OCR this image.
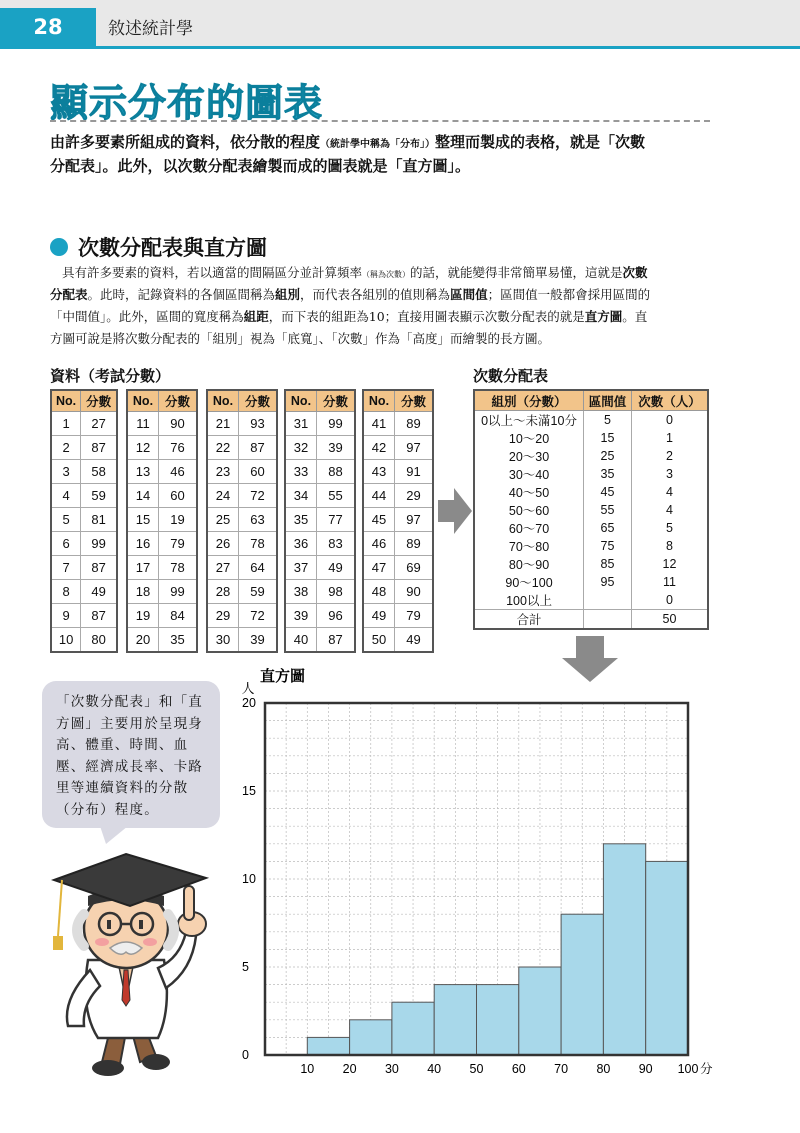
28	敘述統計學
顯示分布的圖表
由許多要素所組成的資料，依分散的程度（統計學中稱為「分布」）整理而製成的表格，就是「次數
分配表」。此外，以次數分配表繪製而成的圖表就是「直方圖」。
次數分配表與直方圖
具有許多要素的資料，若以適當的間隔區分並計算頻率（稱為次數）的話，就能變得非常簡單易懂，這就是次數
分配表。此時，記錄資料的各個區間稱為組別，而代表各組別的值則稱為區間值；區間值一般都會採用區間的
「中間值」。此外，區間的寬度稱為組距，而下表的組距為10；直接用圖表顯示次數分配表的就是直方圖。直
方圖可說是將次數分配表的「組別」視為「底寬」、「次數」作為「高度」而繪製的長方圖。
資料（考試分數）	次數分配表
No.	分數
1	27
2	87
3	58
4	59
5	81
6	99
7	87
8	49
9	87
10	80
No.	分數
11	90
12	76
13	46
14	60
15	19
16	79
17	78
18	99
19	84
20	35
No.	分數
21	93
22	87
23	60
24	72
25	63
26	78
27	64
28	59
29	72
30	39
No.	分數
31	99
32	39
33	88
34	55
35	77
36	83
37	49
38	98
39	96
40	87
No.	分數
41	89
42	97
43	91
44	29
45	97
46	89
47	69
48	90
49	79
50	49
組別（分數）	區間值	次數（人）
0以上～未滿10分	5	0
10～20	15	1
20～30	25	2
30～40	35	3
40～50	45	4
50～60	55	4
60～70	65	5
70～80	75	8
80～90	85	12
90～100	95	11
100以上		0
合計		50
「次數分配表」和「直方圖」主要用於呈現身高、體重、時間、血壓、經濟成長率、卡路里等連續資料的分散（分布）程度。
直方圖
人
10 20 30 40 50 60 70 80 90 100 分
0
5
10
15
20
